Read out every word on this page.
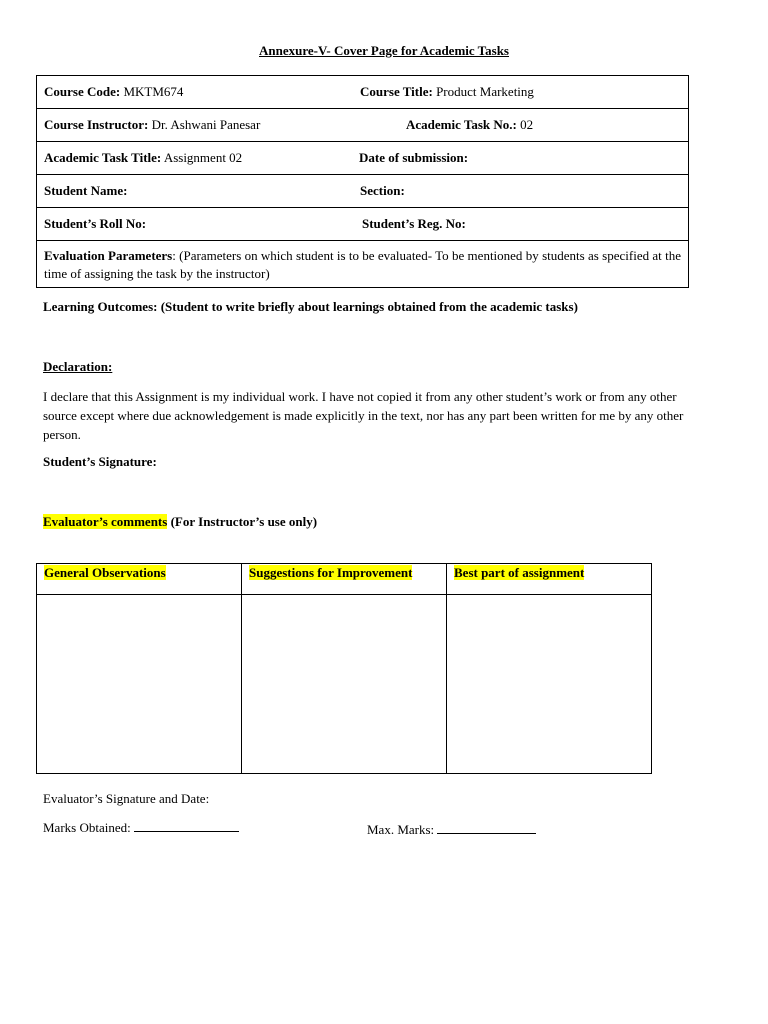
Annexure-V- Cover Page for Academic Tasks
Course Code: MKTM674	Course Title: Product Marketing

Course Instructor: Dr. Ashwani Panesar	Academic Task No.: 02

Academic Task Title: Assignment 02	Date of submission:

Student Name:	Section:

Student’s Roll No:	Student’s Reg. No:

Evaluation Parameters: (Parameters on which student is to be evaluated- To be mentioned by students as specified at the time of assigning the task by the instructor)
Learning Outcomes: (Student to write briefly about learnings obtained from the academic tasks)
Declaration:
I declare that this Assignment is my individual work. I have not copied it from any other student’s work or from any other source except where due acknowledgement is made explicitly in the text, nor has any part been written for me by any other person.
Student’s Signature:
Evaluator’s comments (For Instructor’s use only)
General Observations	Suggestions for Improvement	Best part of assignment

Evaluator’s Signature and Date:
Marks Obtained:	Max. Marks:
